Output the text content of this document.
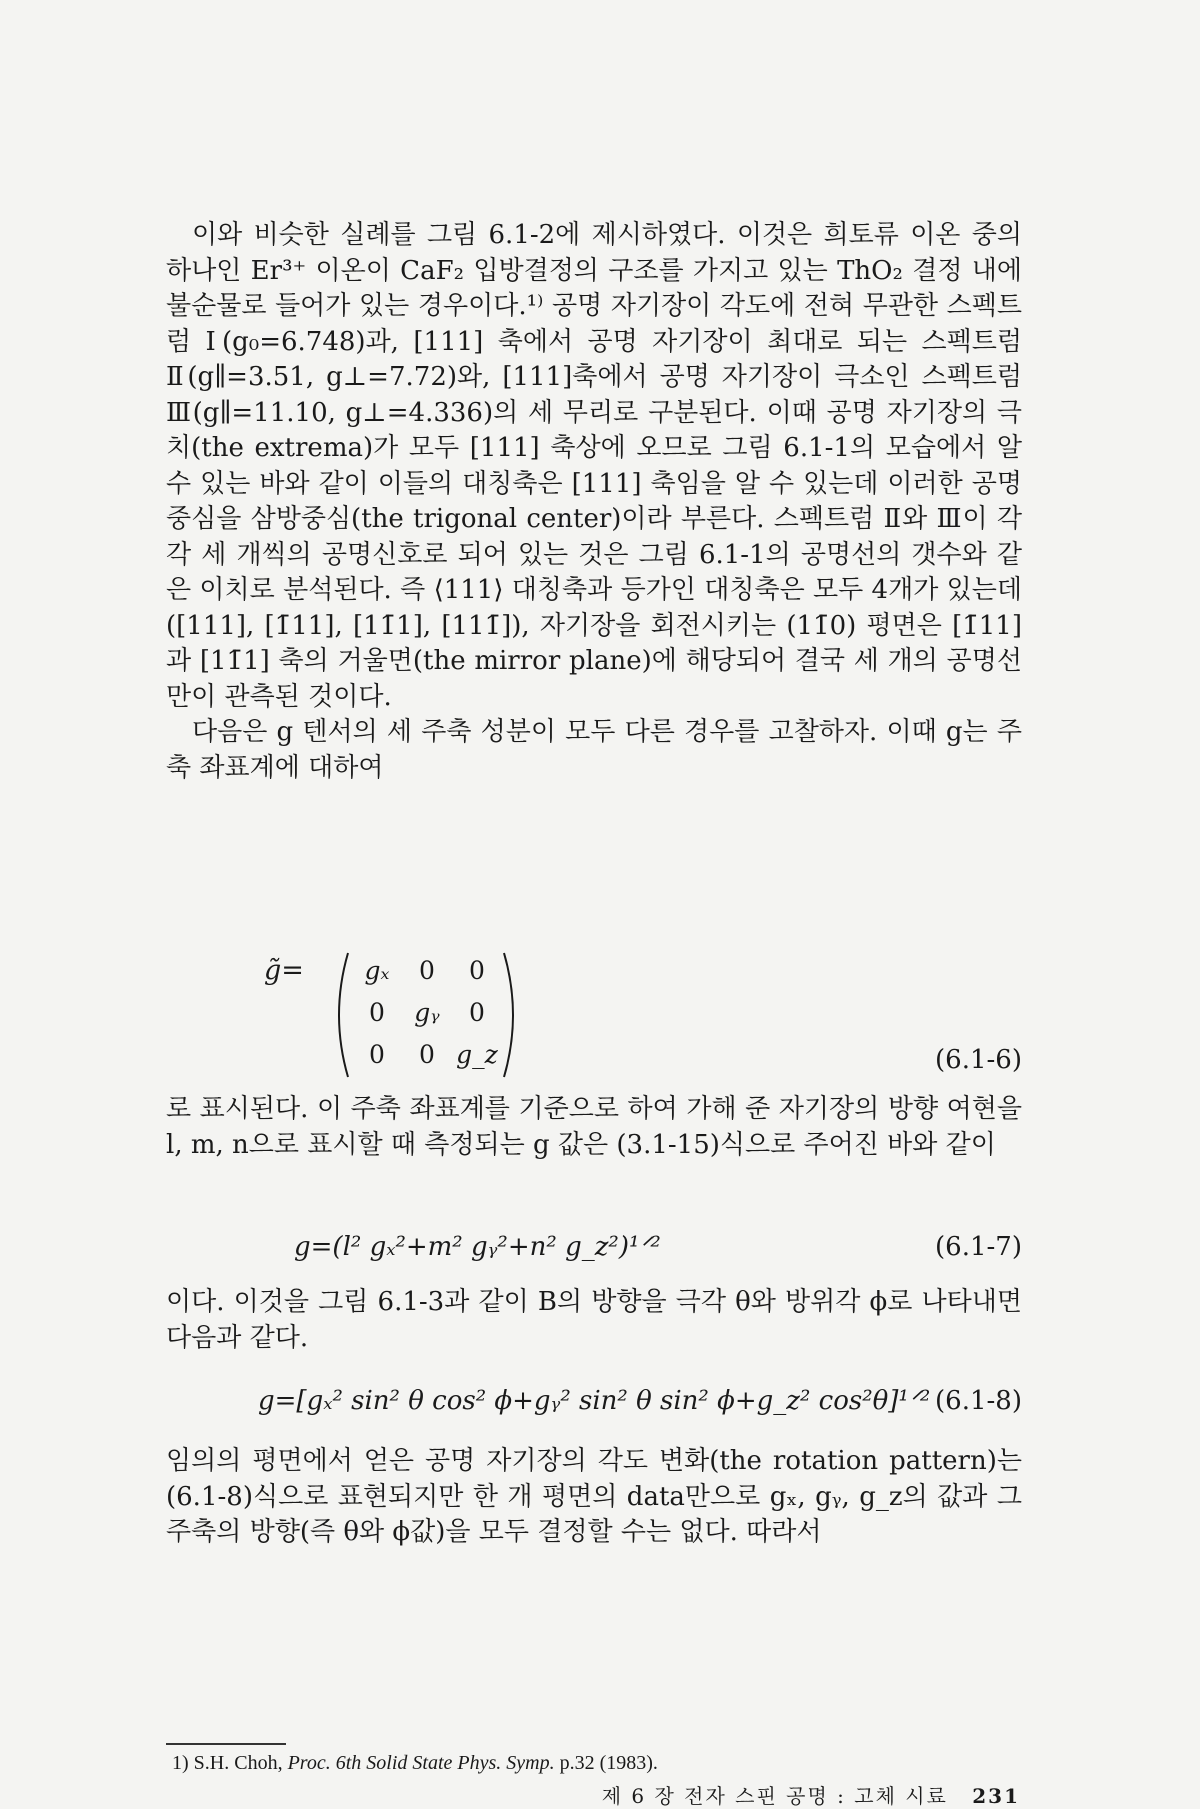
이와 비슷한 실례를 그림 6.1-2에 제시하였다. 이것은 희토류 이온 중의 하나인 Er³⁺ 이온이 CaF₂ 입방결정의 구조를 가지고 있는 ThO₂ 결정 내에 불순물로 들어가 있는 경우이다.¹⁾ 공명 자기장이 각도에 전혀 무관한 스펙트럼 Ⅰ(g₀=6.748)과, [111] 축에서 공명 자기장이 최대로 되는 스펙트럼 Ⅱ(g∥=3.51, g⊥=7.72)와, [111]축에서 공명 자기장이 극소인 스펙트럼 Ⅲ(g∥=11.10, g⊥=4.336)의 세 무리로 구분된다. 이때 공명 자기장의 극치(the extrema)가 모두 [111] 축상에 오므로 그림 6.1-1의 모습에서 알 수 있는 바와 같이 이들의 대칭축은 [111] 축임을 알 수 있는데 이러한 공명 중심을 삼방중심(the trigonal center)이라 부른다. 스펙트럼 Ⅱ와 Ⅲ이 각각 세 개씩의 공명신호로 되어 있는 것은 그림 6.1-1의 공명선의 갯수와 같은 이치로 분석된다. 즉 ⟨111⟩ 대칭축과 등가인 대칭축은 모두 4개가 있는데 ([111], [1̄11], [11̄1], [111̄]), 자기장을 회전시키는 (11̄0) 평면은 [1̄11]과 [11̄1] 축의 거울면(the mirror plane)에 해당되어 결국 세 개의 공명선만이 관측된 것이다.

다음은 g 텐서의 세 주축 성분이 모두 다른 경우를 고찰하자. 이때 g는 주축 좌표계에 대하여

g̃=	gₓ	0	0
0	gᵧ	0
0	0 g_z	(6.1-6)

로 표시된다. 이 주축 좌표계를 기준으로 하여 가해 준 자기장의 방향 여현을 l, m, n으로 표시할 때 측정되는 g 값은 (3.1-15)식으로 주어진 바와 같이

g=(l² gₓ²+m² gᵧ²+n² g_z²)¹ᐟ²	(6.1-7)

이다. 이것을 그림 6.1-3과 같이 B의 방향을 극각 θ와 방위각 ϕ로 나타내면 다음과 같다.

g=[gₓ² sin² θ cos² ϕ+gᵧ² sin² θ sin² ϕ+g_z² cos²θ]¹ᐟ² (6.1-8)

임의의 평면에서 얻은 공명 자기장의 각도 변화(the rotation pattern)는 (6.1-8)식으로 표현되지만 한 개 평면의 data만으로 gₓ, gᵧ, g_z의 값과 그 주축의 방향(즉 θ와 ϕ값)을 모두 결정할 수는 없다. 따라서

1) S.H. Choh, Proc. 6th Solid State Phys. Symp. p.32 (1983).
제 6 장 전자 스핀 공명 : 고체 시료 231
